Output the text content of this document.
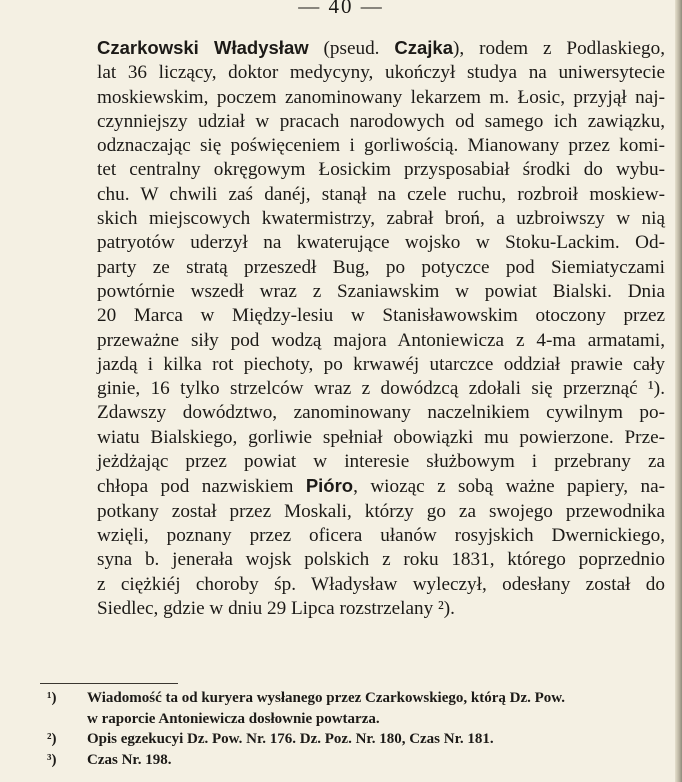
— 40 —
Czarkowski Władysław (pseud. Czajka), rodem z Podlaskiego,
lat 36 liczący, doktor medycyny, ukończył studya na uniwersytecie
moskiewskim, poczem zanominowany lekarzem m. Łosic, przyjął naj-
czynniejszy udział w pracach narodowych od samego ich zawiązku,
odznaczając się poświęceniem i gorliwością. Mianowany przez komi-
tet centralny okręgowym Łosickim przysposabiał środki do wybu-
chu. W chwili zaś danéj, stanął na czele ruchu, rozbroił moskiew-
skich miejscowych kwatermistrzy, zabrał broń, a uzbroiwszy w nią
patryotów uderzył na kwaterujące wojsko w Stoku-Lackim. Od-
party ze stratą przeszedł Bug, po potyczce pod Siemiatyczami
powtórnie wszedł wraz z Szaniawskim w powiat Bialski. Dnia
20 Marca w Między-lesiu w Stanisławowskim otoczony przez
przeważne siły pod wodzą majora Antoniewicza z 4-ma armatami,
jazdą i kilka rot piechoty, po krwawéj utarczce oddział prawie cały
ginie, 16 tylko strzelców wraz z dowódzcą zdołali się przerznąć ¹).
Zdawszy dowództwo, zanominowany naczelnikiem cywilnym po-
wiatu Bialskiego, gorliwie spełniał obowiązki mu powierzone. Prze-
jeżdżając przez powiat w interesie służbowym i przebrany za
chłopa pod nazwiskiem Pióro, wioząc z sobą ważne papiery, na-
potkany został przez Moskali, którzy go za swojego przewodnika
wzięli, poznany przez oficera ułanów rosyjskich Dwernickiego,
syna b. jenerała wojsk polskich z roku 1831, którego poprzednio
z ciężkiéj choroby śp. Władysław wyleczył, odesłany został do
Siedlec, gdzie w dniu 29 Lipca rozstrzelany ²).
¹) Wiadomość ta od kuryera wysłanego przez Czarkowskiego, którą Dz. Pow.
w raporcie Antoniewicza dosłownie powtarza.
²) Opis egzekucyi Dz. Pow. Nr. 176. Dz. Poz. Nr. 180, Czas Nr. 181.
³) Czas Nr. 198.
